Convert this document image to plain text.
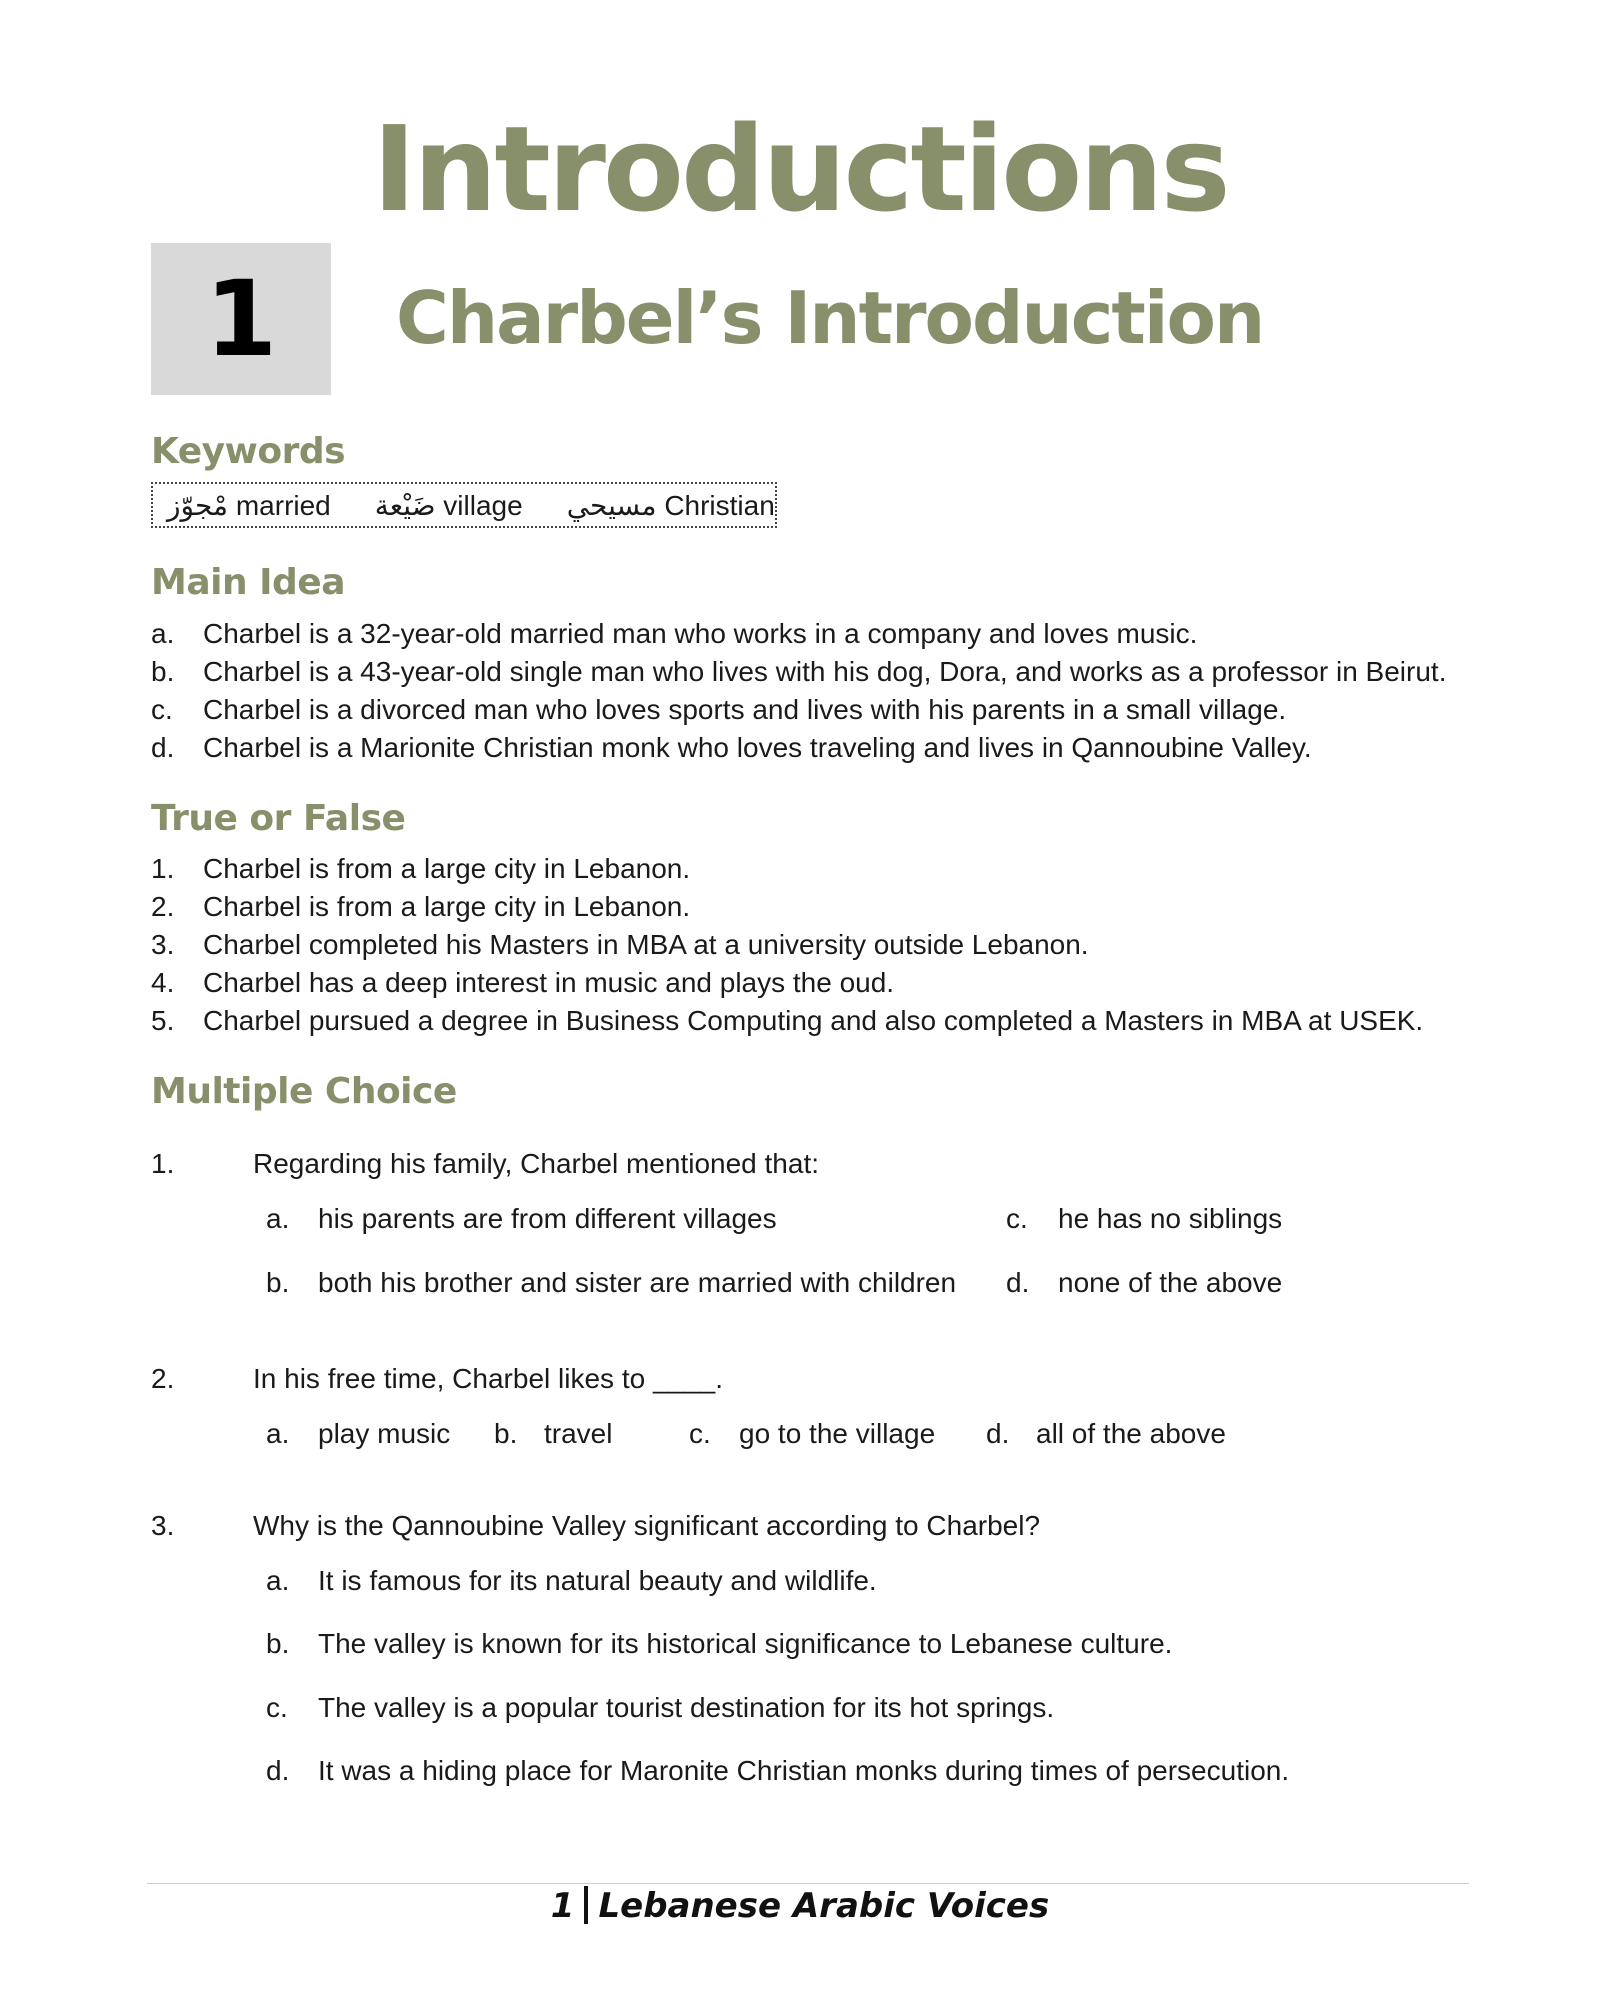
Introductions
1 Charbel’s Introduction
Keywords
مْجوّز married ضَيْعة village مسيحي Christian
Main Idea
a.	Charbel is a 32-year-old married man who works in a company and loves music.
b.	Charbel is a 43-year-old single man who lives with his dog, Dora, and works as a professor in Beirut.
c.	Charbel is a divorced man who loves sports and lives with his parents in a small village.
d.	Charbel is a Marionite Christian monk who loves traveling and lives in Qannoubine Valley.
True or False
1.	Charbel is from a large city in Lebanon.
2.	Charbel is from a large city in Lebanon.
3.	Charbel completed his Masters in MBA at a university outside Lebanon.
4.	Charbel has a deep interest in music and plays the oud.
5.	Charbel pursued a degree in Business Computing and also completed a Masters in MBA at USEK.
Multiple Choice
1.	Regarding his family, Charbel mentioned that:
a.	his parents are from different villages
b.	both his brother and sister are married with children
c.	he has no siblings
d.	none of the above
2.	In his free time, Charbel likes to ____.
a.	play music b. travel	c.	go to the village d. all of the above
3.	Why is the Qannoubine Valley significant according to Charbel?
a.	It is famous for its natural beauty and wildlife.
b.	The valley is known for its historical significance to Lebanese culture.
c.	The valley is a popular tourist destination for its hot springs.
d.	It was a hiding place for Maronite Christian monks during times of persecution.
1 Lebanese Arabic Voices
